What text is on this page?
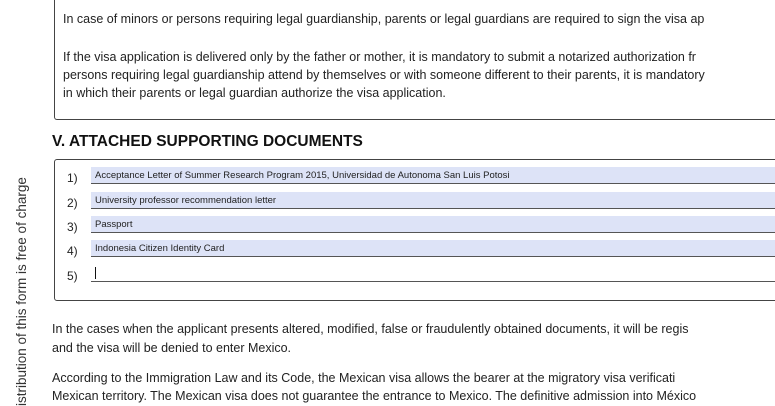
istribution of this form is free of charge

In case of minors or persons requiring legal guardianship, parents or legal guardians are required to sign the visa ap

If the visa application is delivered only by the father or mother, it is mandatory to submit a notarized authorization fr

persons requiring legal guardianship attend by themselves or with someone different to their parents, it is mandatory

in which their parents or legal guardian authorize the visa application.

V. ATTACHED SUPPORTING DOCUMENTS
1)	Acceptance Letter of Summer Research Program 2015, Universidad de Autonoma San Luis Potosi
2)	University professor recommendation letter
3)	Passport
4)	Indonesia Citizen Identity Card
5)

In the cases when the applicant presents altered, modified, false or fraudulently obtained documents, it will be regis

and the visa will be denied to enter Mexico.

According to the Immigration Law and its Code, the Mexican visa allows the bearer at the migratory visa verificati

Mexican territory. The Mexican visa does not guarantee the entrance to Mexico. The definitive admission into México
